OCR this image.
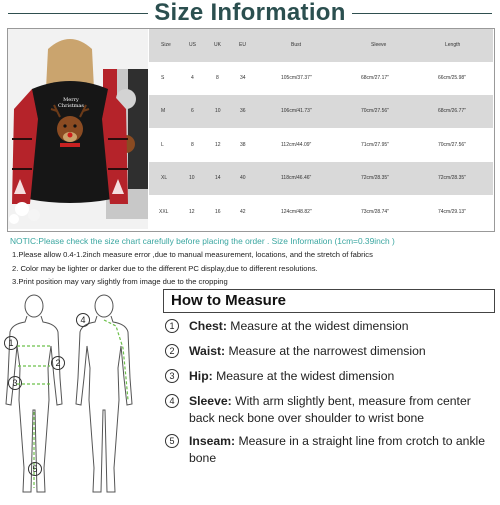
Size Information
Merry Christmas
Size	US	UK	EU	Bust	Sleeve	Length
S	4	8	34	105cm/37.37"	68cm/27.17"	66cm/25.98"
M	6	10	36	106cm/41.73"	70cm/27.56"	68cm/26.77"
L	8	12	38	112cm/44.09"	71cm/27.95"	70cm/27.56"
XL	10	14	40	118cm/46.46"	72cm/28.35"	72cm/28.35"
XXL	12	16	42	124cm/48.82"	73cm/28.74"	74cm/29.13"
NOTIC:Please check the size chart carefully before placing the order . Size Information (1cm=0.39inch )
1.Please allow 0.4-1.2inch measure error ,due to manual measurement, locations, and the stretch of fabrics
2. Color may be lighter or darker due to the different PC display,due to different resolutions.
3.Print position may vary slightly from image due to the cropping
1
2
3
4
5
How to Measure
1	Chest: Measure at the widest dimension
2	Waist: Measure at the narrowest dimension
3	Hip: Measure at the widest dimension
4	Sleeve: With arm slightly bent, measure from center back neck bone over shoulder to wrist bone
5	Inseam: Measure in a straight line from crotch to ankle bone
